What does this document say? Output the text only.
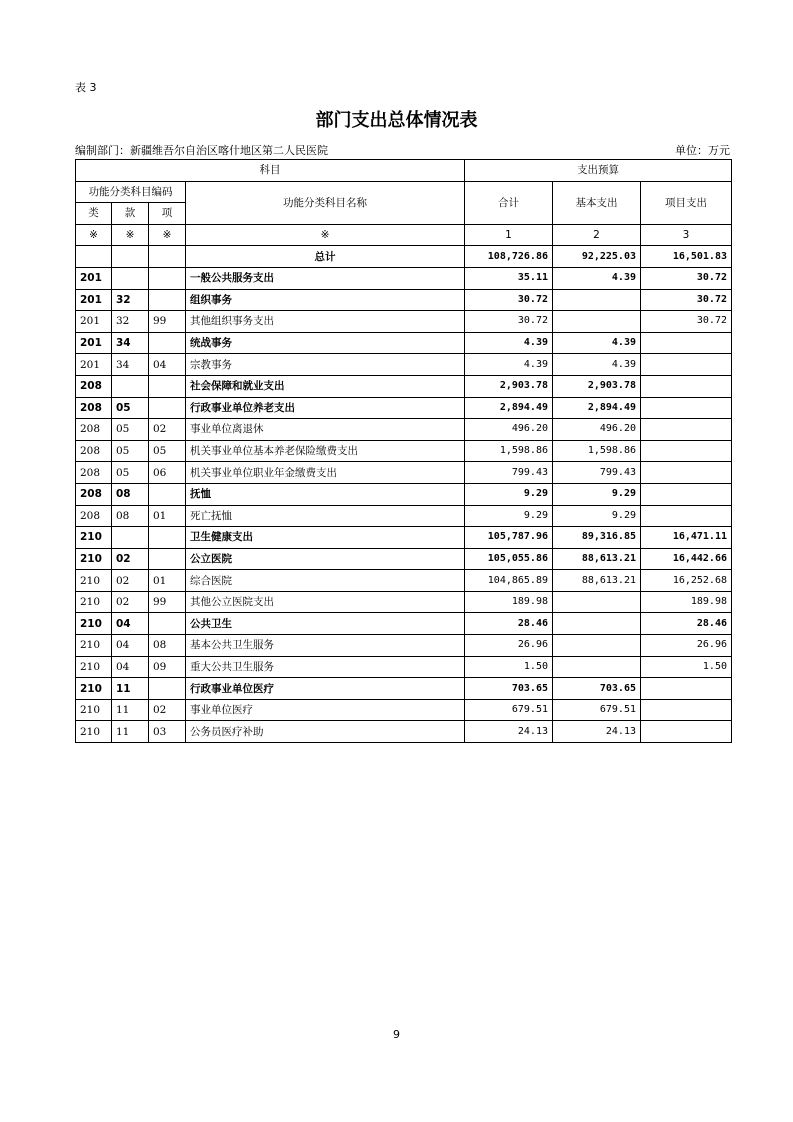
表 3
部门支出总体情况表
编制部门：新疆维吾尔自治区喀什地区第二人民医院	单位：万元
科目				支出预算		
功能分类科目编码			功能分类科目名称	合计	基本支出	项目支出
类	款	项				
※	※	※	※	1	2	3
			总计	108,726.86	92,225.03	16,501.83
201			一般公共服务支出	35.11	4.39	30.72
201	32		组织事务	30.72		30.72
201	32	99	其他组织事务支出	30.72		30.72
201	34		统战事务	4.39	4.39	
201	34	04	宗教事务	4.39	4.39	
208			社会保障和就业支出	2,903.78	2,903.78	
208	05		行政事业单位养老支出	2,894.49	2,894.49	
208	05	02	事业单位离退休	496.20	496.20	
208	05	05	机关事业单位基本养老保险缴费支出	1,598.86	1,598.86	
208	05	06	机关事业单位职业年金缴费支出	799.43	799.43	
208	08		抚恤	9.29	9.29	
208	08	01	死亡抚恤	9.29	9.29	
210			卫生健康支出	105,787.96	89,316.85	16,471.11
210	02		公立医院	105,055.86	88,613.21	16,442.66
210	02	01	综合医院	104,865.89	88,613.21	16,252.68
210	02	99	其他公立医院支出	189.98		189.98
210	04		公共卫生	28.46		28.46
210	04	08	基本公共卫生服务	26.96		26.96
210	04	09	重大公共卫生服务	1.50		1.50
210	11		行政事业单位医疗	703.65	703.65	
210	11	02	事业单位医疗	679.51	679.51	
210	11	03	公务员医疗补助	24.13	24.13	
9
